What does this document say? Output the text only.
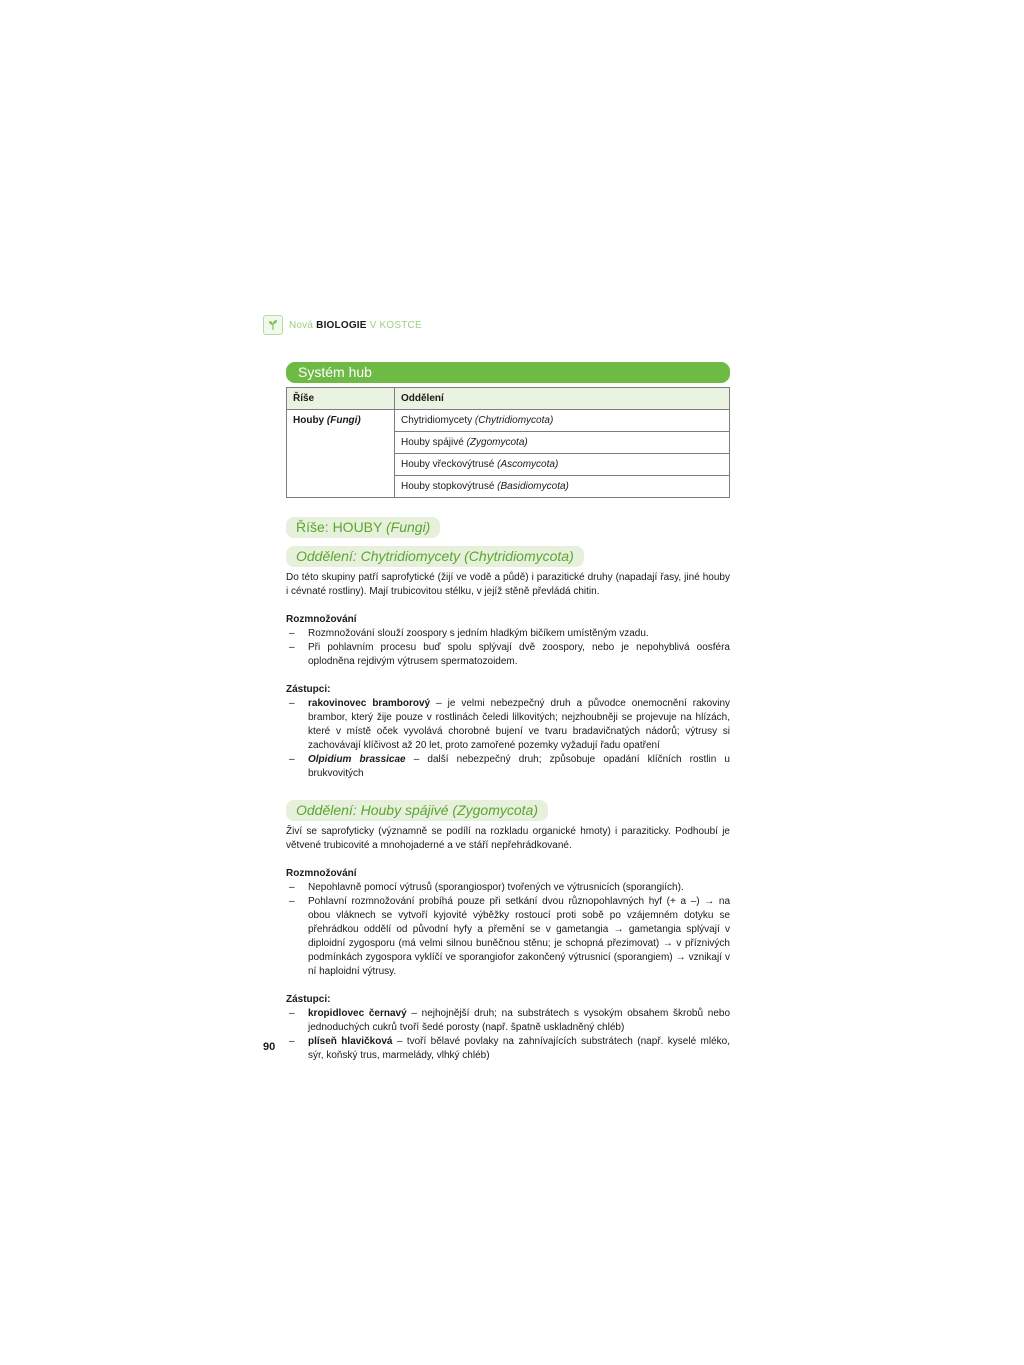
Nová BIOLOGIE V KOSTCE
Systém hub
Říše	Oddělení
Houby (Fungi)	Chytridiomycety (Chytridiomycota)
	Houby spájivé (Zygomycota)
	Houby vřeckovýtrusé (Ascomycota)
	Houby stopkovýtrusé (Basidiomycota)
Říše: HOUBY (Fungi)
Oddělení: Chytridiomycety (Chytridiomycota)

Do této skupiny patří saprofytické (žijí ve vodě a půdě) i parazitické druhy (napadají řasy, jiné houby i cévnaté rostliny). Mají trubicovitou stélku, v jejíž stěně převládá chitin.

Rozmnožování
– Rozmnožování slouží zoospory s jedním hladkým bičíkem umístěným vzadu.
– Při pohlavním procesu buď spolu splývají dvě zoospory, nebo je nepohyblivá oosféra oplodněna rejdivým výtrusem spermatozoidem.
Zástupci:
– rakovinovec bramborový – je velmi nebezpečný druh a původce onemocnění rakoviny brambor, který žije pouze v rostlinách čeledi lilkovitých; nejzhoubněji se projevuje na hlízách, které v místě oček vyvolává chorobné bujení ve tvaru bradavičnatých nádorů; výtrusy si zachovávají klíčivost až 20 let, proto zamořené pozemky vyžadují řadu opatření
– Olpidium brassicae – další nebezpečný druh; způsobuje opadání klíčních rostlin u brukvovitých
Oddělení: Houby spájivé (Zygomycota)

Živí se saprofyticky (významně se podílí na rozkladu organické hmoty) i paraziticky. Podhoubí je větvené trubicovité a mnohojaderné a ve stáří nepřehrádkované.

Rozmnožování
– Nepohlavně pomocí výtrusů (sporangiospor) tvořených ve výtrusnicích (sporangiích).
– Pohlavní rozmnožování probíhá pouze při setkání dvou různopohlavných hyf (+ a –) → na obou vláknech se vytvoří kyjovité výběžky rostoucí proti sobě po vzájemném dotyku se přehrádkou oddělí od původní hyfy a přemění se v gametangia → gametangia splývají v diploidní zygosporu (má velmi silnou buněčnou stěnu; je schopná přezimovat) → v příznivých podmínkách zygospora vyklíčí ve sporangiofor zakončený výtrusnicí (sporangiem) → vznikají v ní haploidní výtrusy.
Zástupci:
– kropidlovec černavý – nejhojnější druh; na substrátech s vysokým obsahem škrobů nebo jednoduchých cukrů tvoří šedé porosty (např. špatně uskladněný chléb)
– plíseň hlavičková – tvoří bělavé povlaky na zahnívajících substrátech (např. kyselé mléko, sýr, koňský trus, marmelády, vlhký chléb)
90
